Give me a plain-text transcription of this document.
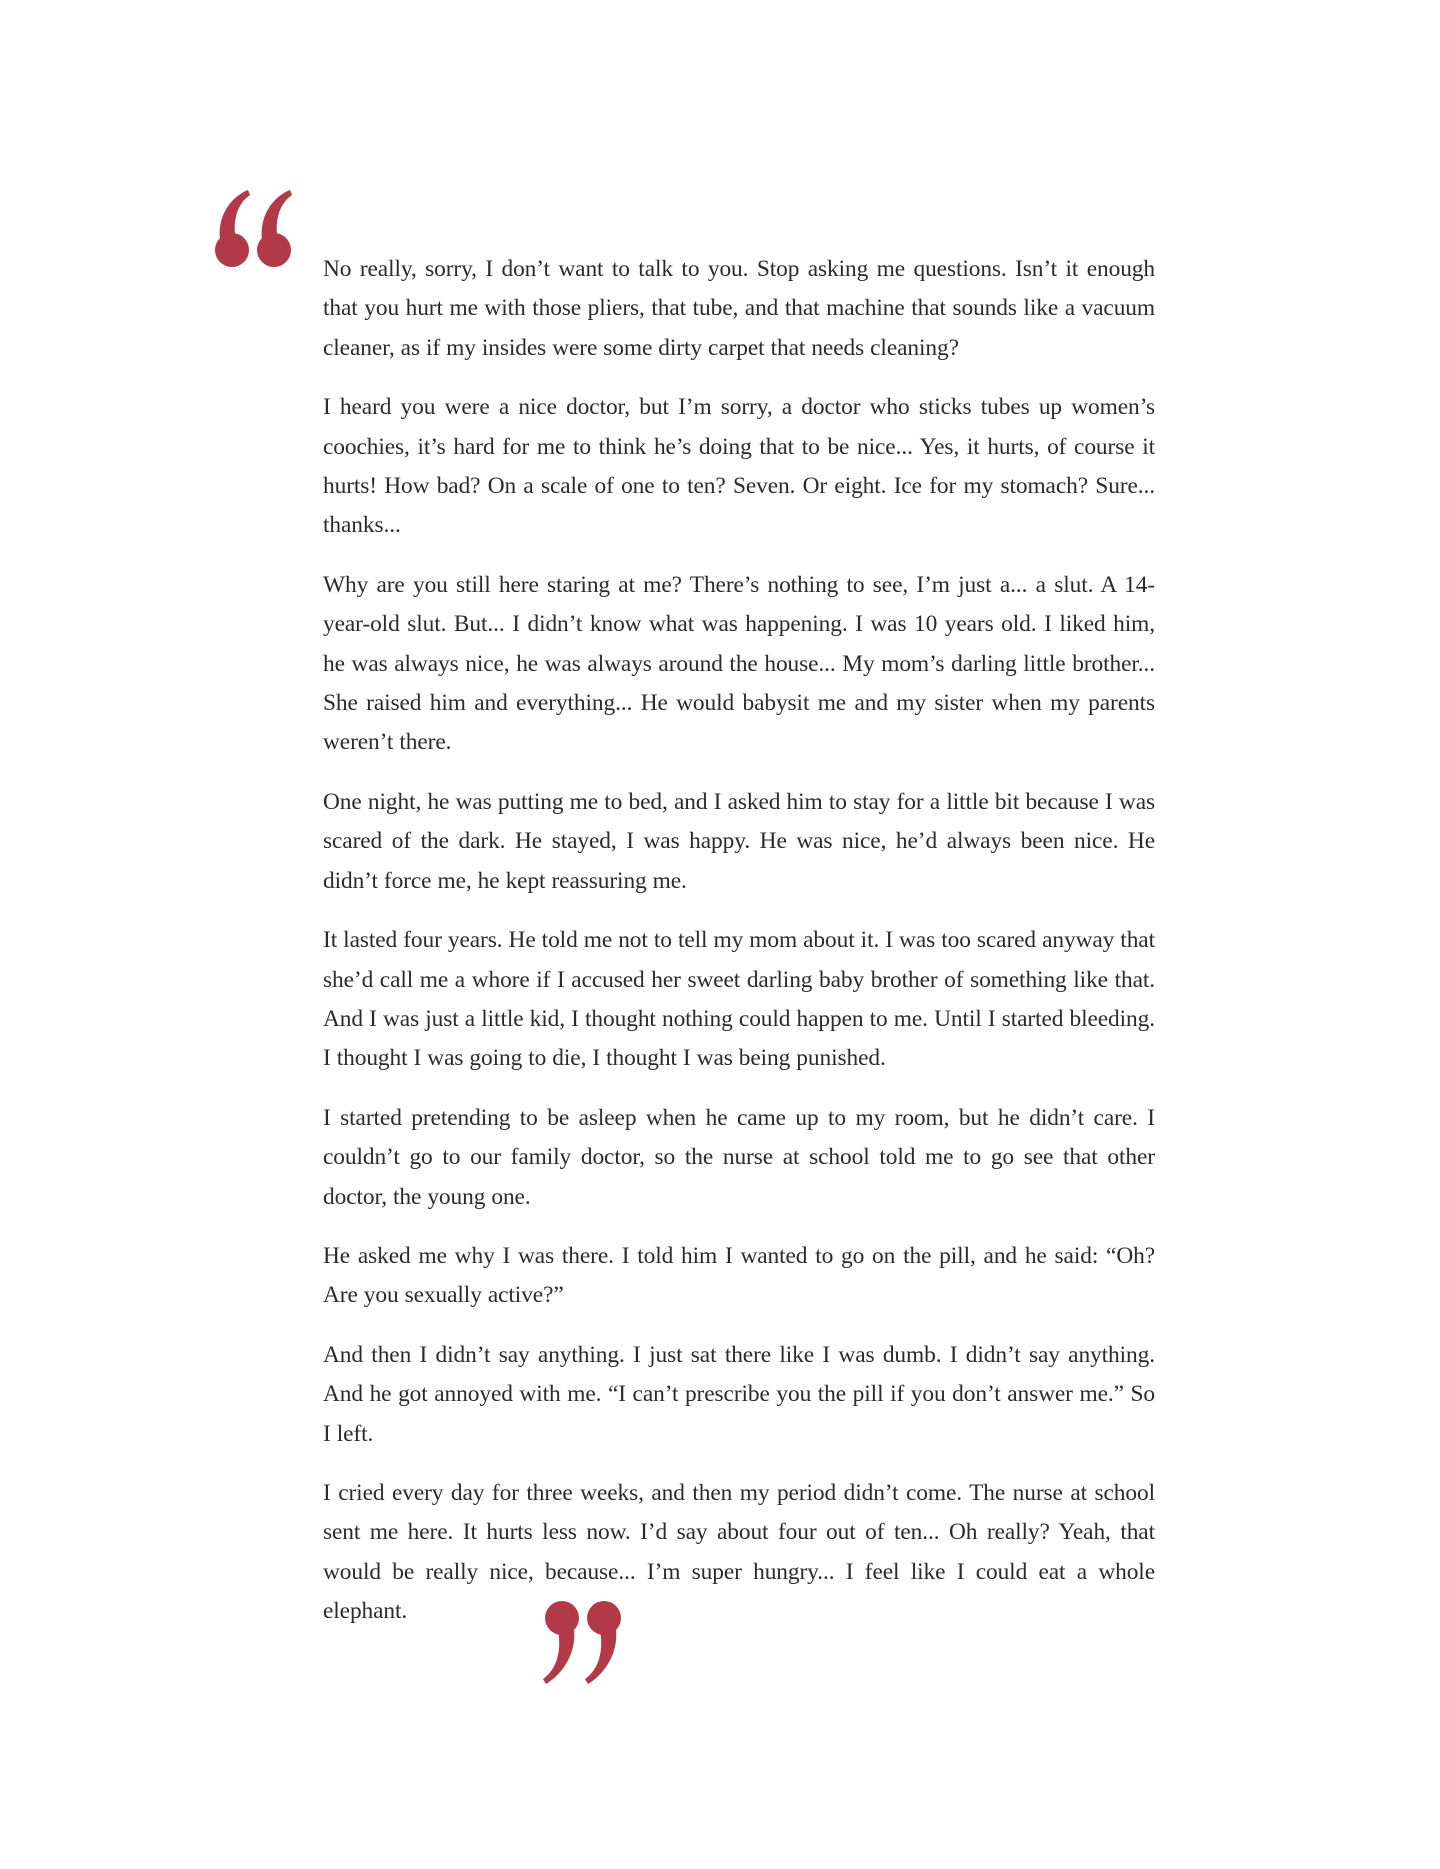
No really, sorry, I don’t want to talk to you. Stop asking me questions. Isn’t it enough that you hurt me with those pliers, that tube, and that machine that sounds like a vacuum cleaner, as if my insides were some dirty carpet that needs cleaning?

I heard you were a nice doctor, but I’m sorry, a doctor who sticks tubes up women’s coochies, it’s hard for me to think he’s doing that to be nice... Yes, it hurts, of course it hurts! How bad? On a scale of one to ten? Seven. Or eight. Ice for my stomach? Sure... thanks...

Why are you still here staring at me? There’s nothing to see, I’m just a... a slut. A 14-year-old slut. But... I didn’t know what was happening. I was 10 years old. I liked him, he was always nice, he was always around the house... My mom’s darling little brother... She raised him and everything... He would babysit me and my sister when my parents weren’t there.

One night, he was putting me to bed, and I asked him to stay for a little bit because I was scared of the dark. He stayed, I was happy. He was nice, he’d always been nice. He didn’t force me, he kept reassuring me.

It lasted four years. He told me not to tell my mom about it. I was too scared anyway that she’d call me a whore if I accused her sweet darling baby brother of something like that. And I was just a little kid, I thought nothing could happen to me. Until I started bleeding. I thought I was going to die, I thought I was being punished.

I started pretending to be asleep when he came up to my room, but he didn’t care. I couldn’t go to our family doctor, so the nurse at school told me to go see that other doctor, the young one.

He asked me why I was there. I told him I wanted to go on the pill, and he said: “Oh? Are you sexually active?”

And then I didn’t say anything. I just sat there like I was dumb. I didn’t say anything. And he got annoyed with me. “I can’t prescribe you the pill if you don’t answer me.” So I left.

I cried every day for three weeks, and then my period didn’t come. The nurse at school sent me here. It hurts less now. I’d say about four out of ten... Oh really? Yeah, that would be really nice, because... I’m super hungry... I feel like I could eat a whole elephant.
